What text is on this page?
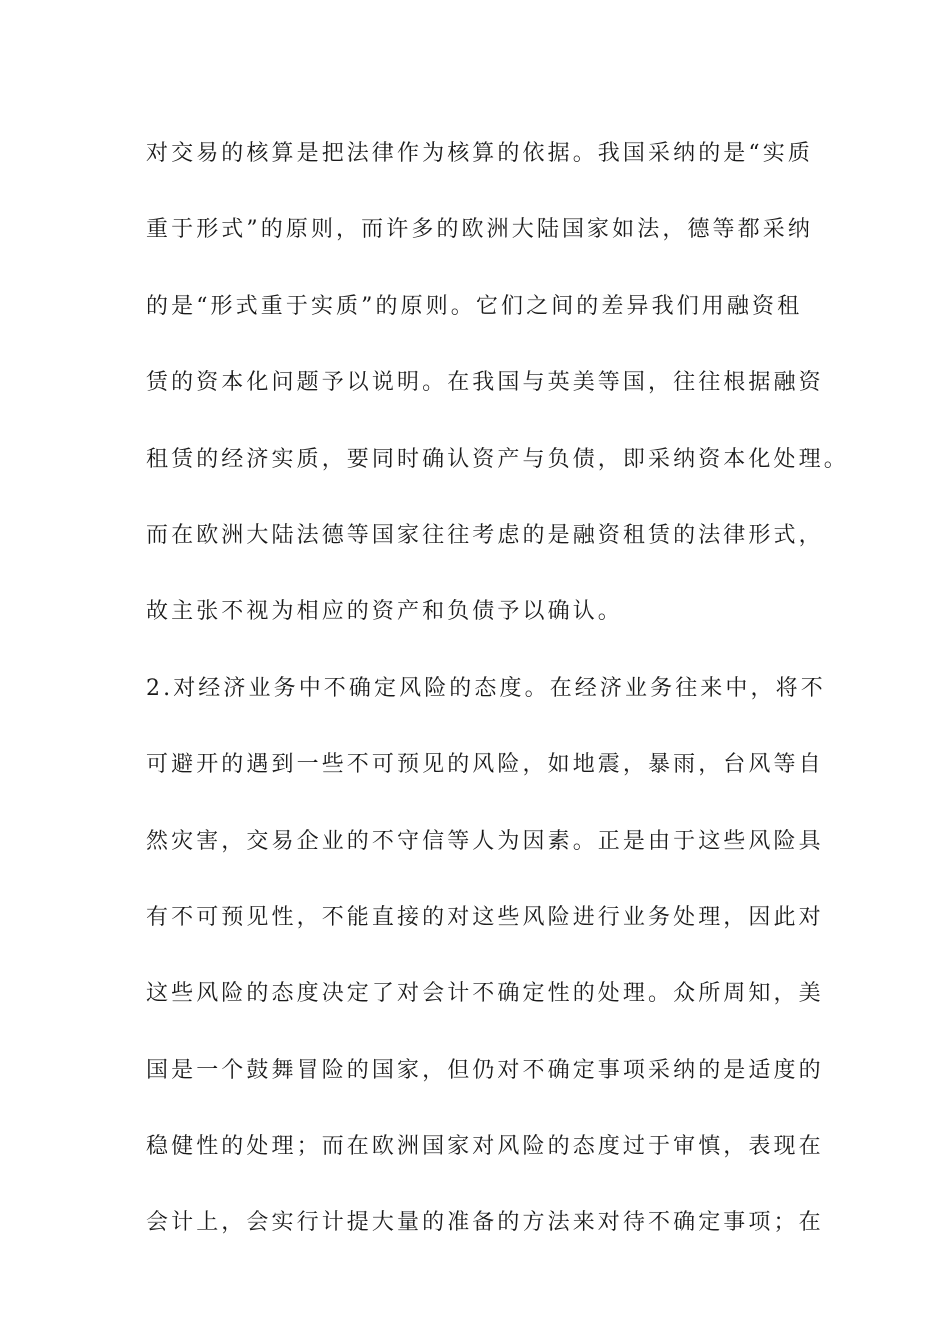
对交易的核算是把法律作为核算的依据。我国采纳的是“实质
重于形式”的原则，而许多的欧洲大陆国家如法，德等都采纳
的是“形式重于实质”的原则。它们之间的差异我们用融资租
赁的资本化问题予以说明。在我国与英美等国，往往根据融资
租赁的经济实质，要同时确认资产与负债，即采纳资本化处理。
而在欧洲大陆法德等国家往往考虑的是融资租赁的法律形式，
故主张不视为相应的资产和负债予以确认。
2.对经济业务中不确定风险的态度。在经济业务往来中，将不
可避开的遇到一些不可预见的风险，如地震，暴雨，台风等自
然灾害，交易企业的不守信等人为因素。正是由于这些风险具
有不可预见性，不能直接的对这些风险进行业务处理，因此对
这些风险的态度决定了对会计不确定性的处理。众所周知，美
国是一个鼓舞冒险的国家，但仍对不确定事项采纳的是适度的
稳健性的处理；而在欧洲国家对风险的态度过于审慎，表现在
会计上，会实行计提大量的准备的方法来对待不确定事项；在
